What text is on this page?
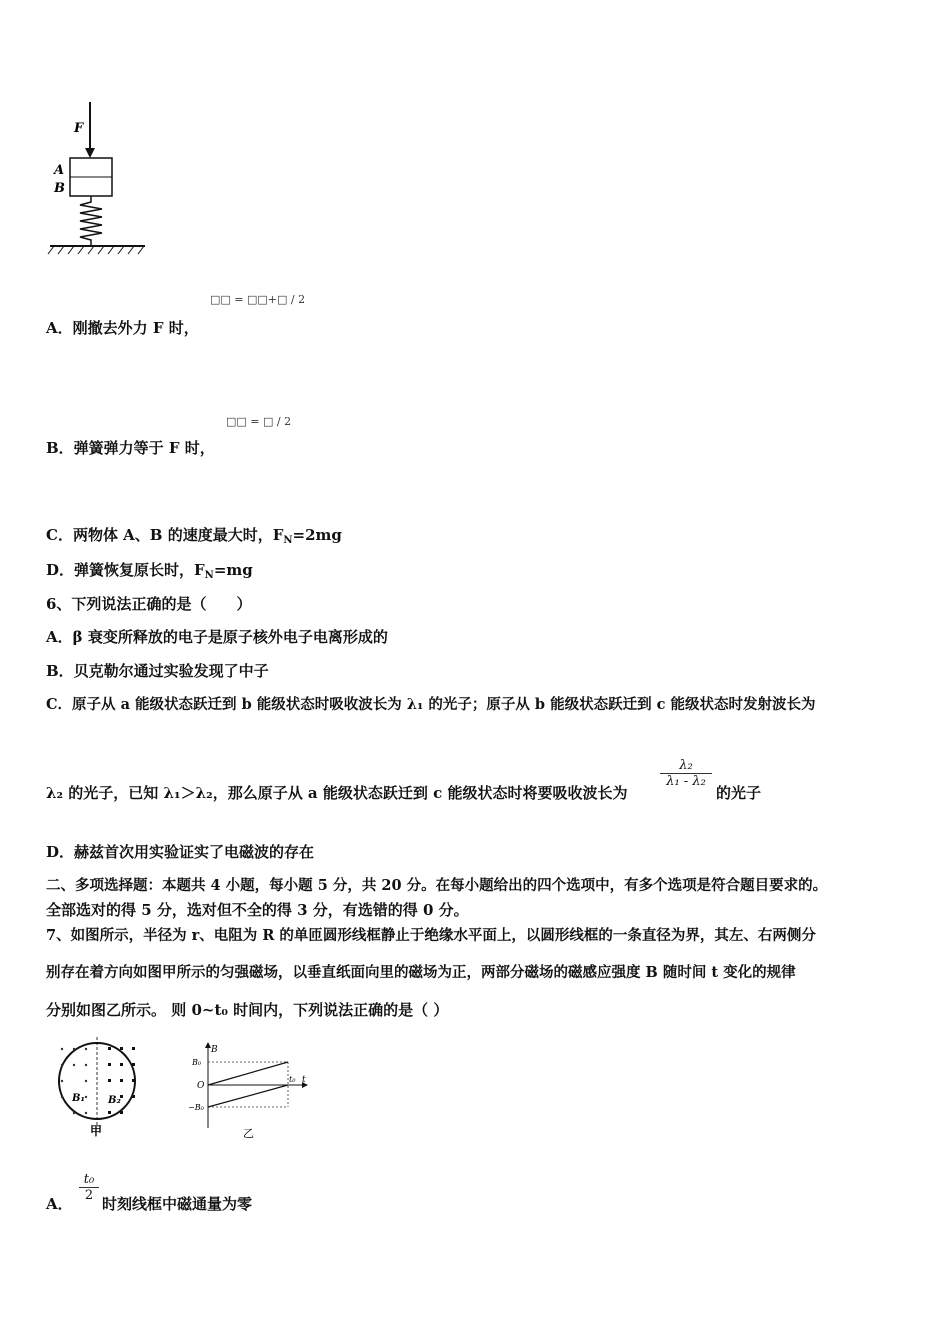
F
A
B
A．刚撤去外力 F 时，
□□ = □□+□ / 2
B．弹簧弹力等于 F 时，
□□ = □ / 2
C．两物体 A、B 的速度最大时，$F_N=2mg$
D．弹簧恢复原长时，$F_N=mg$
6、下列说法正确的是（　　）
A．β 衰变所释放的电子是原子核外电子电离形成的
B．贝克勒尔通过实验发现了中子
C．原子从 a 能级状态跃迁到 b 能级状态时吸收波长为 λ₁ 的光子；原子从 b 能级状态跃迁到 c 能级状态时发射波长为
λ₂ 的光子，已知 λ₁＞λ₂，那么原子从 a 能级状态跃迁到 c 能级状态时将要吸收波长为
λ₂
λ₁ - λ₂
的光子
D．赫兹首次用实验证实了电磁波的存在
二、多项选择题：本题共 4 小题，每小题 5 分，共 20 分。在每小题给出的四个选项中，有多个选项是符合题目要求的。
全部选对的得 5 分，选对但不全的得 3 分，有选错的得 0 分。
7、如图所示，半径为 r、电阻为 R 的单匝圆形线框静止于绝缘水平面上，以圆形线框的一条直径为界，其左、右两侧分
别存在着方向如图甲所示的匀强磁场，以垂直纸面向里的磁场为正，两部分磁场的磁感应强度 B 随时间 t 变化的规律
分别如图乙所示。 则 0~t₀ 时间内，下列说法正确的是（ ）
B₁ B₂
甲
B
t
O
B₀
−B₀
t₀
乙
A．
t₀
2 时刻线框中磁通量为零
